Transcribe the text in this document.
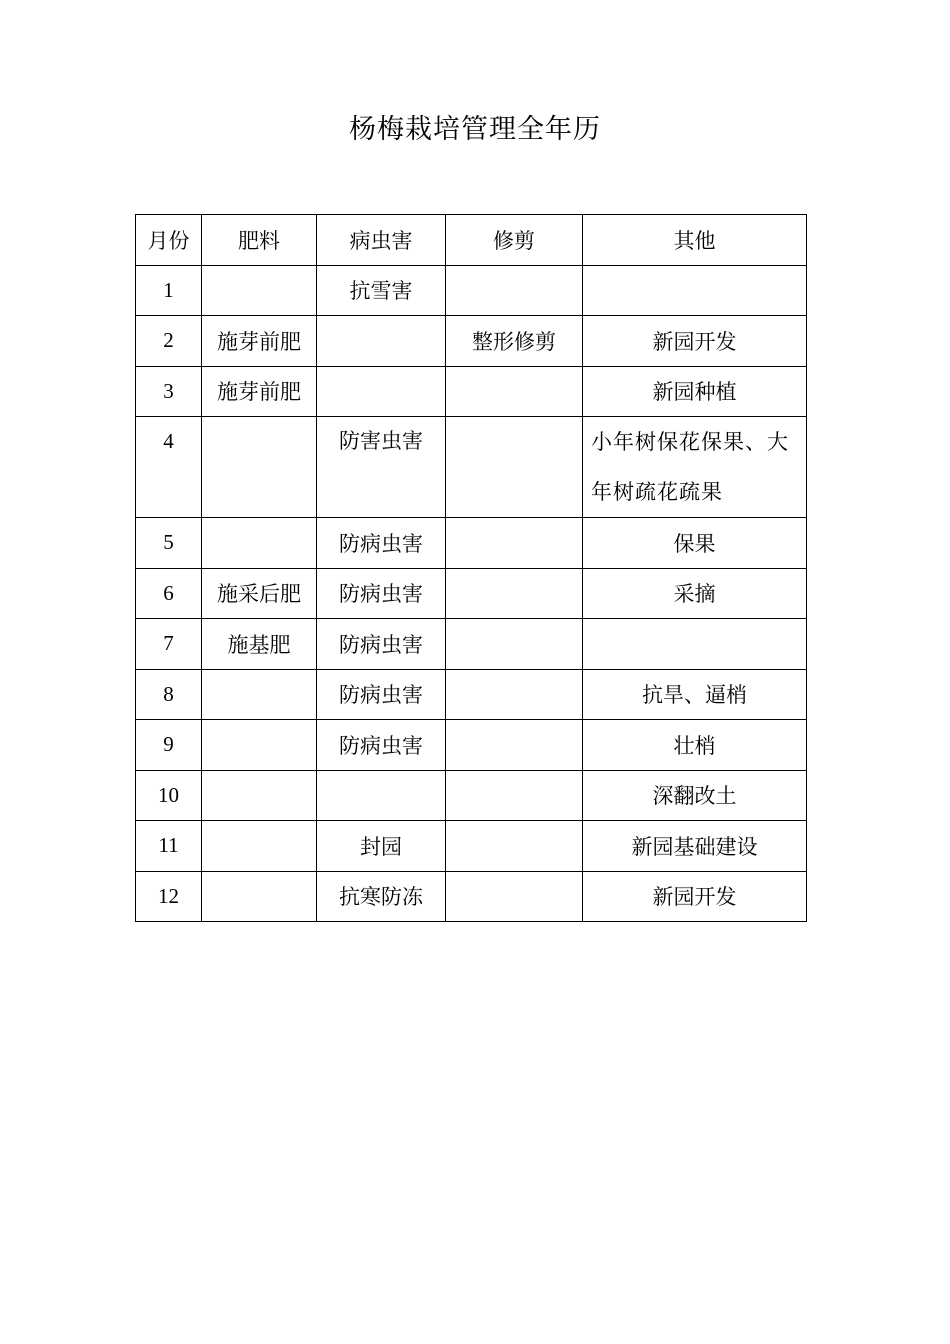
杨梅栽培管理全年历
月份	肥料	病虫害	修剪	其他
1		抗雪害		
2	施芽前肥		整形修剪	新园开发
3	施芽前肥			新园种植
4		防害虫害		小年树保花保果、大年树疏花疏果
5		防病虫害		保果
6	施采后肥	防病虫害		采摘
7	施基肥	防病虫害		
8		防病虫害		抗旱、逼梢
9		防病虫害		壮梢
10				深翻改土
11		封园		新园基础建设
12		抗寒防冻		新园开发
